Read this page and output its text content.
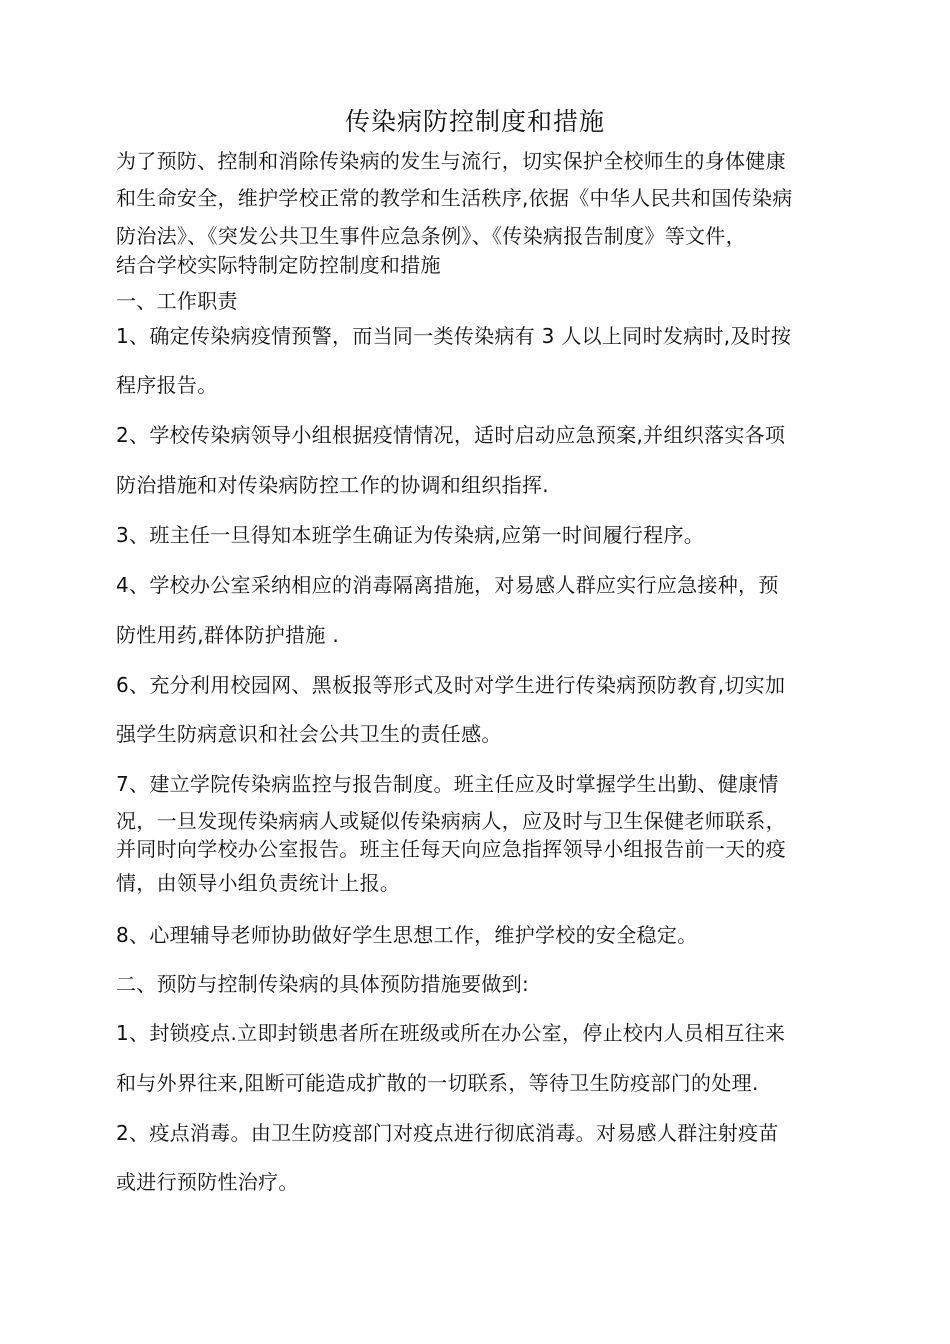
传染病防控制度和措施
为了预防、控制和消除传染病的发生与流行，切实保护全校师生的身体健康
和生命安全，维护学校正常的教学和生活秩序,依据《中华人民共和国传染病
防治法》、《突发公共卫生事件应急条例》、《传染病报告制度》等文件，
结合学校实际特制定防控制度和措施
一、工作职责
1、确定传染病疫情预警，而当同一类传染病有 3 人以上同时发病时,及时按
程序报告。
2、学校传染病领导小组根据疫情情况，适时启动应急预案,并组织落实各项
防治措施和对传染病防控工作的协调和组织指挥.
3、班主任一旦得知本班学生确证为传染病,应第一时间履行程序。
4、学校办公室采纳相应的消毒隔离措施，对易感人群应实行应急接种，预
防性用药,群体防护措施 .
6、充分利用校园网、黑板报等形式及时对学生进行传染病预防教育,切实加
强学生防病意识和社会公共卫生的责任感。
7、建立学院传染病监控与报告制度。班主任应及时掌握学生出勤、健康情
况，一旦发现传染病病人或疑似传染病病人，应及时与卫生保健老师联系，
并同时向学校办公室报告。班主任每天向应急指挥领导小组报告前一天的疫
情，由领导小组负责统计上报。
8、心理辅导老师协助做好学生思想工作，维护学校的安全稳定。
二、预防与控制传染病的具体预防措施要做到:
1、封锁疫点.立即封锁患者所在班级或所在办公室，停止校内人员相互往来
和与外界往来,阻断可能造成扩散的一切联系，等待卫生防疫部门的处理.
2、疫点消毒。由卫生防疫部门对疫点进行彻底消毒。对易感人群注射疫苗
或进行预防性治疗。
